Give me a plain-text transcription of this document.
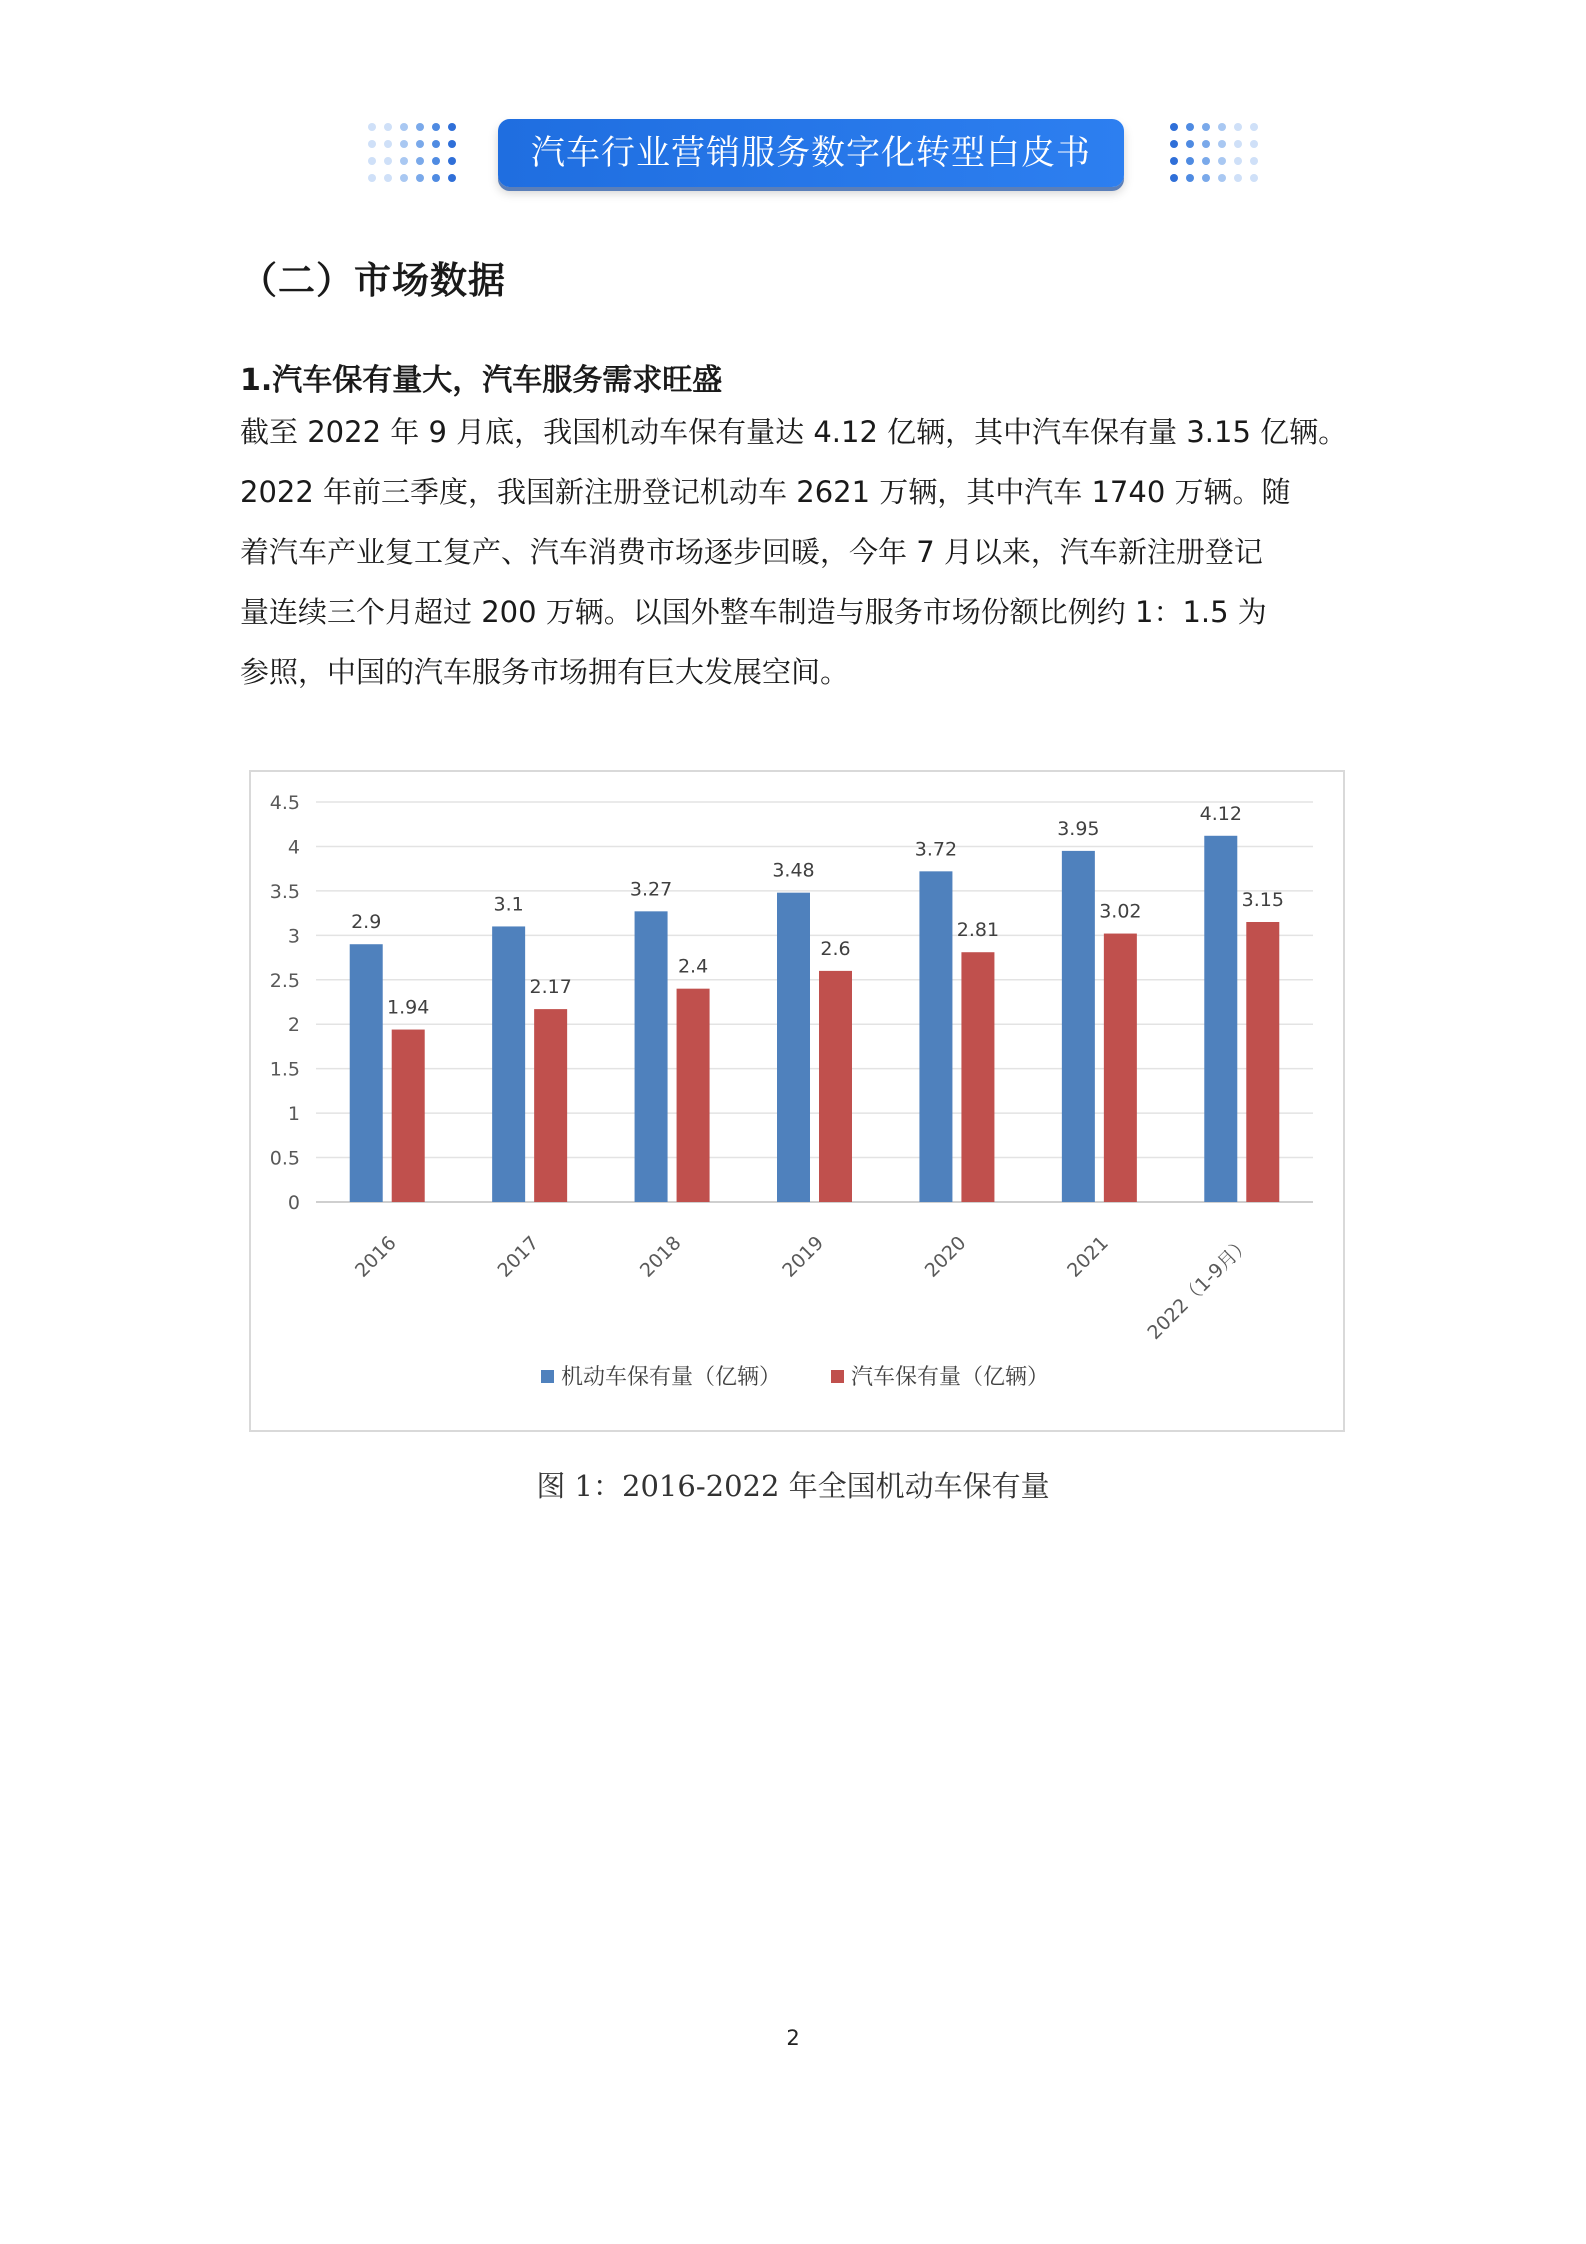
汽车行业营销服务数字化转型白皮书
（二）市场数据
1.汽车保有量大，汽车服务需求旺盛
截至 2022 年 9 月底，我国机动车保有量达 4.12 亿辆，其中汽车保有量 3.15 亿辆。
2022 年前三季度，我国新注册登记机动车 2621 万辆，其中汽车 1740 万辆。随
着汽车产业复工复产、汽车消费市场逐步回暖，今年 7 月以来，汽车新注册登记
量连续三个月超过 200 万辆。以国外整车制造与服务市场份额比例约 1：1.5 为
参照，中国的汽车服务市场拥有巨大发展空间。
0
0.5
1
1.5
2
2.5
3
3.5
4
4.5
2.9
1.94
2016
3.1
2.17
2017
3.27
2.4
2018
3.48
2.6
2019
3.72
2.81
2020
3.95
3.02
2021
4.12
3.15
2022（1-9月）
机动车保有量（亿辆）	汽车保有量（亿辆）
图 1：2016-2022 年全国机动车保有量
2
